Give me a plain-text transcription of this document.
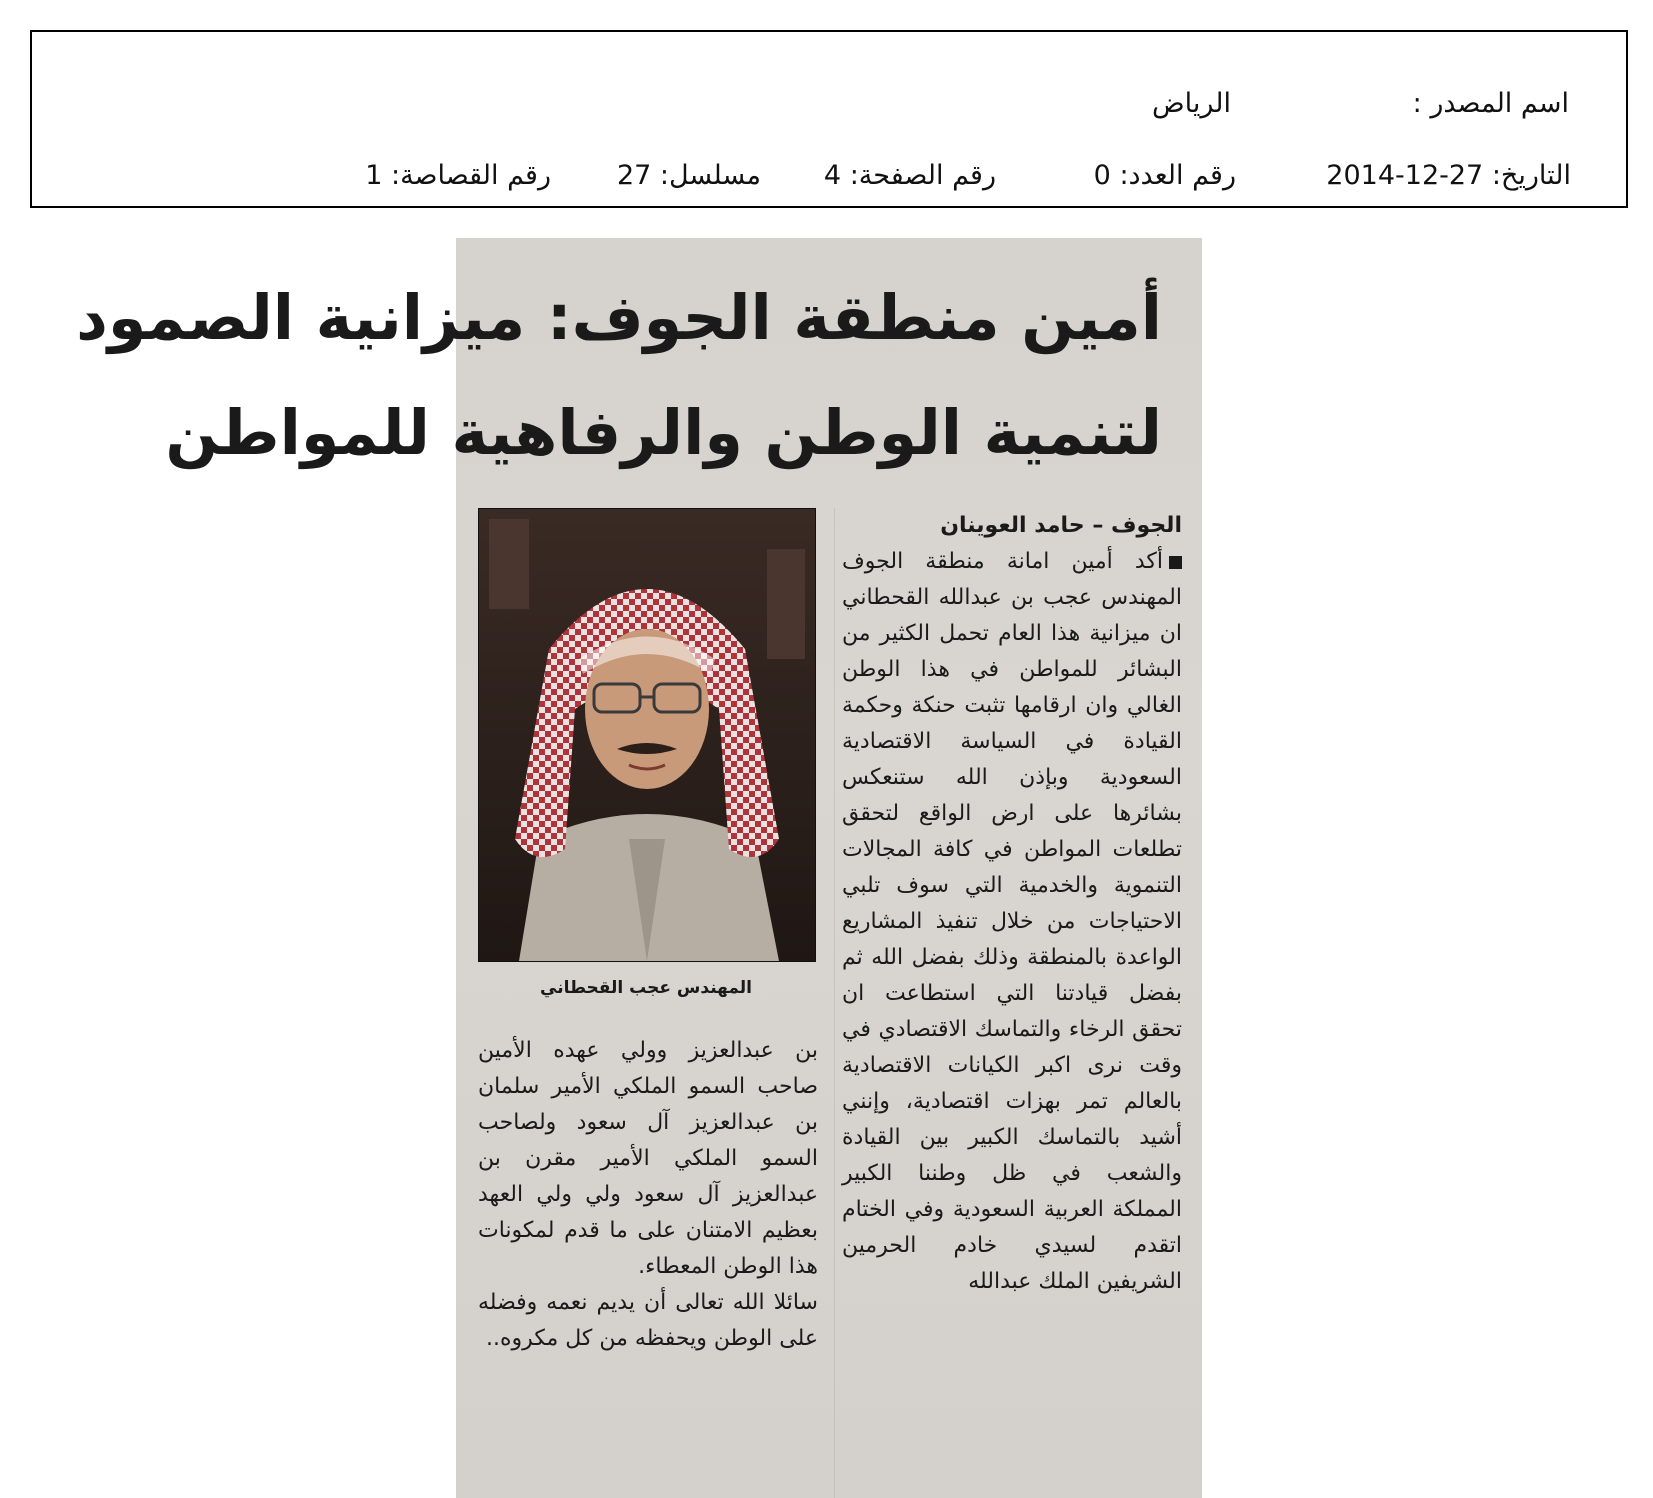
اسم المصدر :
الرياض
التاريخ: 27-12-2014
رقم العدد: 0
رقم الصفحة: 4
مسلسل: 27
رقم القصاصة: 1
أمين منطقة الجوف: ميزانية الصمود
لتنمية الوطن والرفاهية للمواطن
المهندس عجب القحطاني
الجوف – حامد العوينان

أكد أمين امانة منطقة الجوف المهندس عجب بن عبدالله القحطاني ان ميزانية هذا العام تحمل الكثير من البشائر للمواطن في هذا الوطن الغالي وان ارقامها تثبت حنكة وحكمة القيادة في السياسة الاقتصادية السعودية وبإذن الله ستنعكس بشائرها على ارض الواقع لتحقق تطلعات المواطن في كافة المجالات التنموية والخدمية التي سوف تلبي الاحتياجات من خلال تنفيذ المشاريع الواعدة بالمنطقة وذلك بفضل الله ثم بفضل قيادتنا التي استطاعت ان تحقق الرخاء والتماسك الاقتصادي في وقت نرى اكبر الكيانات الاقتصادية بالعالم تمر بهزات اقتصادية، وإنني أشيد بالتماسك الكبير بين القيادة والشعب في ظل وطننا الكبير المملكة العربية السعودية وفي الختام اتقدم لسيدي خادم الحرمين الشريفين الملك عبدالله

بن عبدالعزيز وولي عهده الأمين صاحب السمو الملكي الأمير سلمان بن عبدالعزيز آل سعود ولصاحب السمو الملكي الأمير مقرن بن عبدالعزيز آل سعود ولي ولي العهد بعظيم الامتنان على ما قدم لمكونات هذا الوطن المعطاء.

سائلا الله تعالى أن يديم نعمه وفضله على الوطن ويحفظه من كل مكروه..
